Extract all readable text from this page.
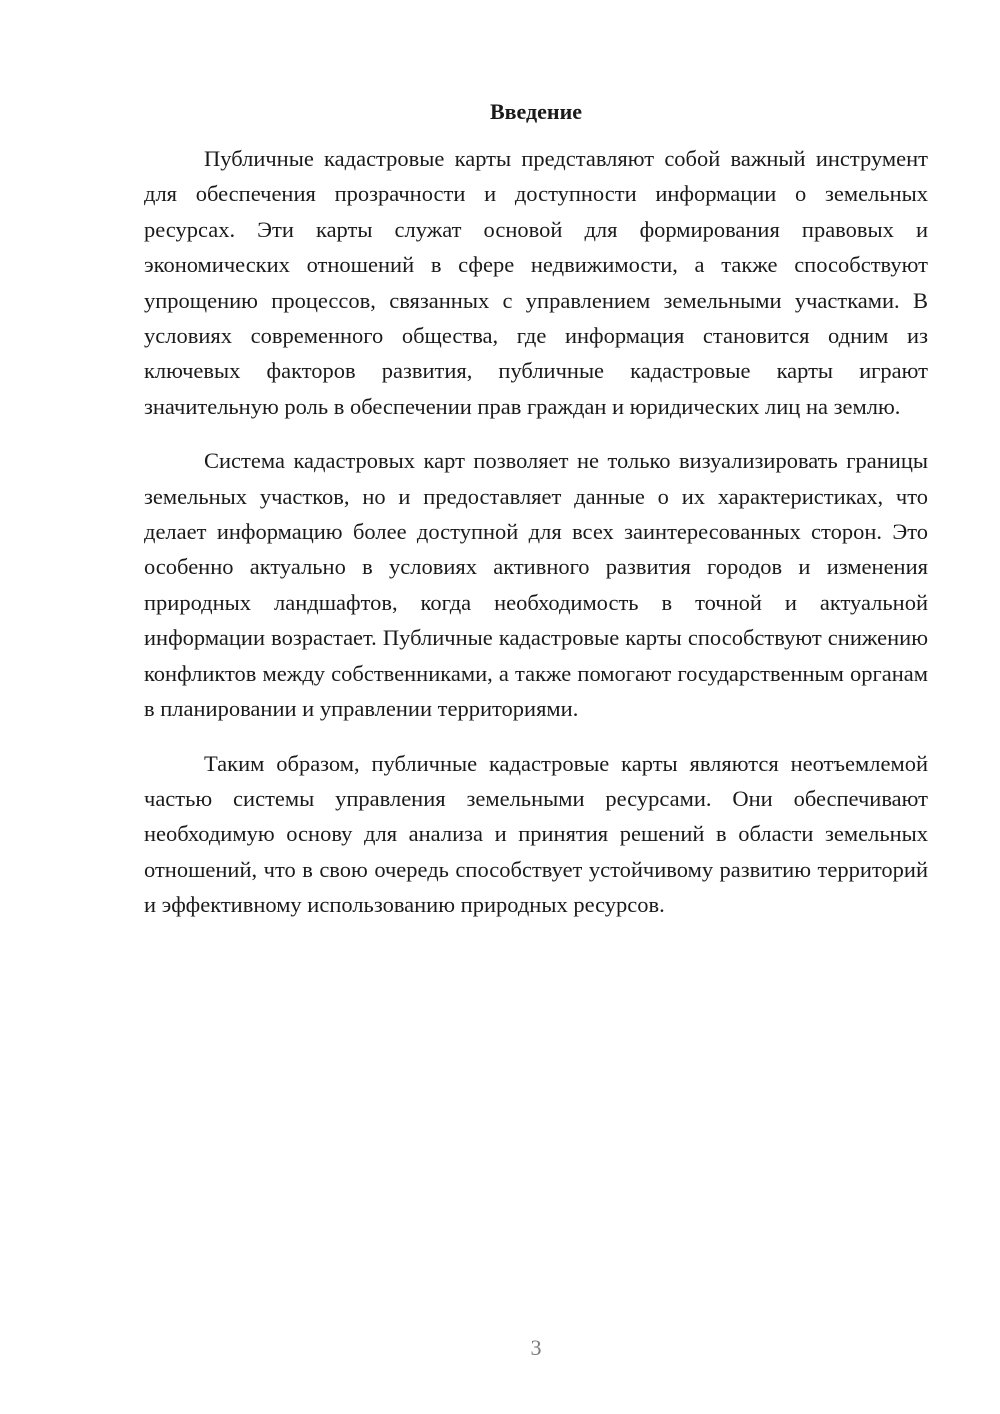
Введение

Публичные кадастровые карты представляют собой важный инструмент для обеспечения прозрачности и доступности информации о земельных ресурсах. Эти карты служат основой для формирования правовых и экономических отношений в сфере недвижимости, а также способствуют упрощению процессов, связанных с управлением земельными участками. В условиях современного общества, где информация становится одним из ключевых факторов развития, публичные кадастровые карты играют значительную роль в обеспечении прав граждан и юридических лиц на землю.

Система кадастровых карт позволяет не только визуализировать границы земельных участков, но и предоставляет данные о их характеристиках, что делает информацию более доступной для всех заинтересованных сторон. Это особенно актуально в условиях активного развития городов и изменения природных ландшафтов, когда необходимость в точной и актуальной информации возрастает. Публичные кадастровые карты способствуют снижению конфликтов между собственниками, а также помогают государственным органам в планировании и управлении территориями.

Таким образом, публичные кадастровые карты являются неотъемлемой частью системы управления земельными ресурсами. Они обеспечивают необходимую основу для анализа и принятия решений в области земельных отношений, что в свою очередь способствует устойчивому развитию территорий и эффективному использованию природных ресурсов.

3
